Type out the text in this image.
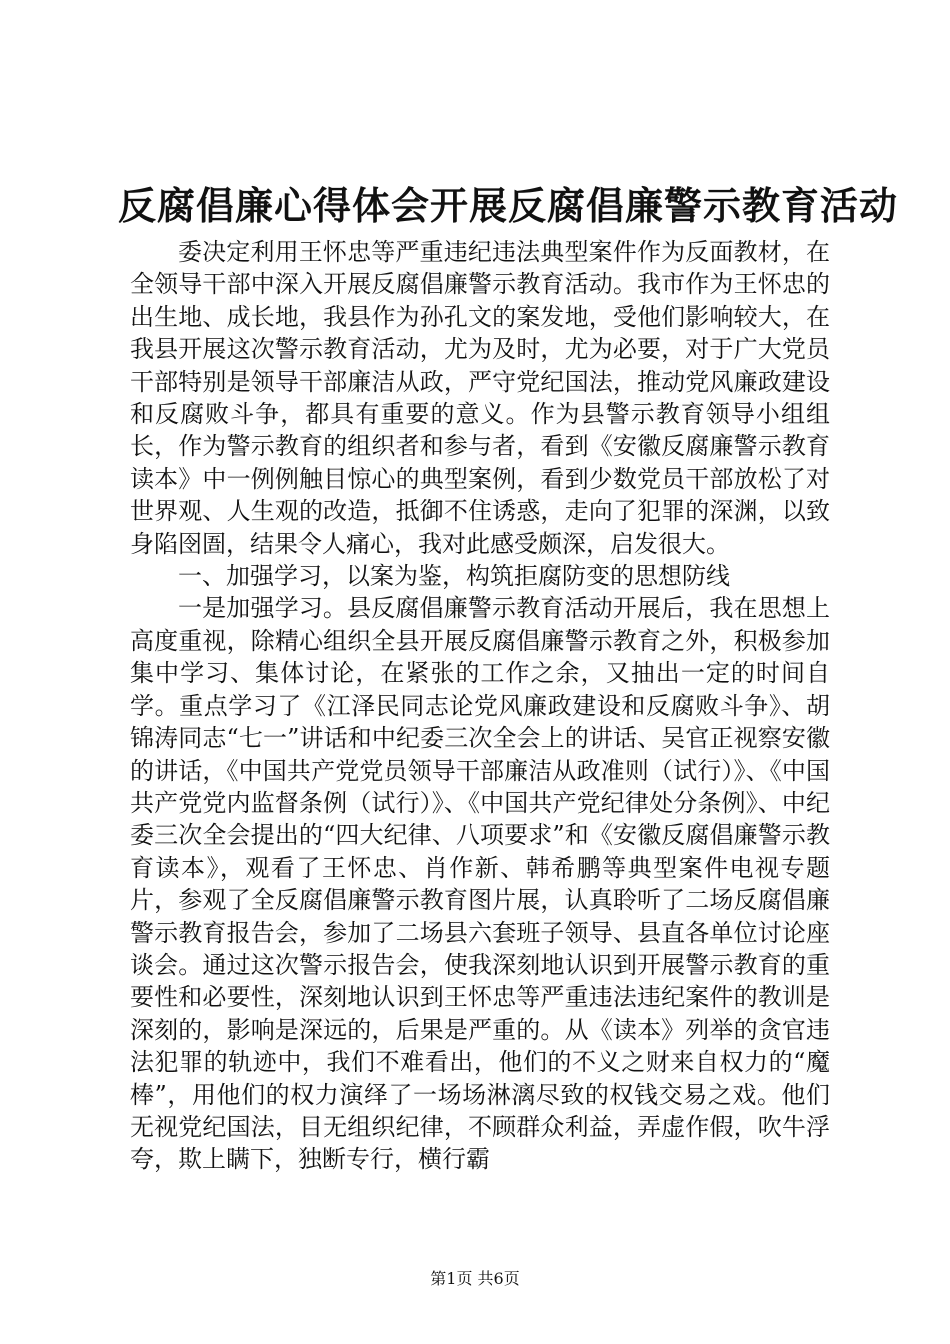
反腐倡廉心得体会开展反腐倡廉警示教育活动

委决定利用王怀忠等严重违纪违法典型案件作为反面教材，在全领导干部中深入开展反腐倡廉警示教育活动。我市作为王怀忠的出生地、成长地，我县作为孙孔文的案发地，受他们影响较大，在我县开展这次警示教育活动，尤为及时，尤为必要，对于广大党员干部特别是领导干部廉洁从政，严守党纪国法，推动党风廉政建设和反腐败斗争，都具有重要的意义。作为县警示教育领导小组组长，作为警示教育的组织者和参与者，看到《安徽反腐廉警示教育读本》中一例例触目惊心的典型案例，看到少数党员干部放松了对世界观、人生观的改造，抵御不住诱惑，走向了犯罪的深渊，以致身陷囹圄，结果令人痛心，我对此感受颇深，启发很大。

一、加强学习，以案为鉴，构筑拒腐防变的思想防线

一是加强学习。县反腐倡廉警示教育活动开展后，我在思想上高度重视，除精心组织全县开展反腐倡廉警示教育之外，积极参加集中学习、集体讨论，在紧张的工作之余，又抽出一定的时间自学。重点学习了《江泽民同志论党风廉政建设和反腐败斗争》、胡锦涛同志“七一”讲话和中纪委三次全会上的讲话、吴官正视察安徽的讲话，《中国共产党党员领导干部廉洁从政准则（试行）》、《中国共产党党内监督条例（试行）》、《中国共产党纪律处分条例》、中纪委三次全会提出的“四大纪律、八项要求”和《安徽反腐倡廉警示教育读本》，观看了王怀忠、肖作新、韩希鹏等典型案件电视专题片，参观了全反腐倡廉警示教育图片展，认真聆听了二场反腐倡廉警示教育报告会，参加了二场县六套班子领导、县直各单位讨论座谈会。通过这次警示报告会，使我深刻地认识到开展警示教育的重要性和必要性，深刻地认识到王怀忠等严重违法违纪案件的教训是深刻的，影响是深远的，后果是严重的。从《读本》列举的贪官违法犯罪的轨迹中，我们不难看出，他们的不义之财来自权力的“魔棒”，用他们的权力演绎了一场场淋漓尽致的权钱交易之戏。他们无视党纪国法，目无组织纪律，不顾群众利益，弄虚作假，吹牛浮夸，欺上瞒下，独断专行，横行霸

第1页 共6页
